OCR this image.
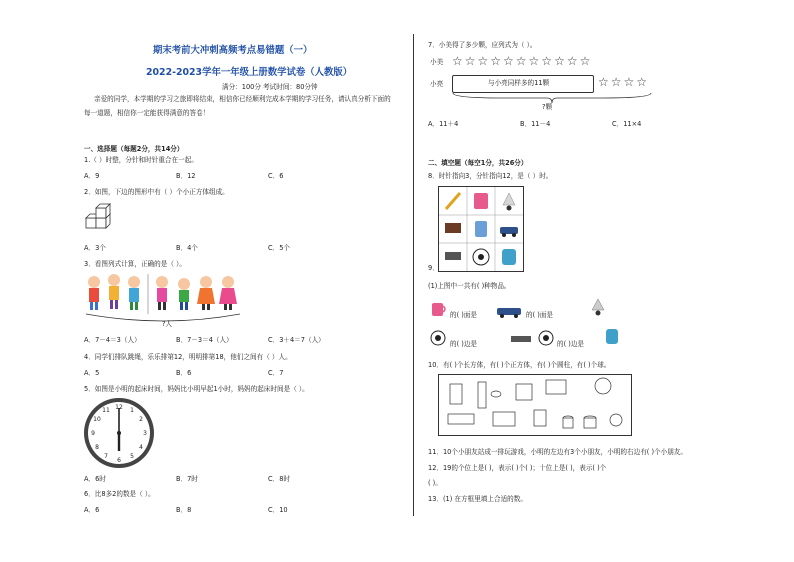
期末考前大冲刺高频考点易错题（一）
2022-2023学年一年级上册数学试卷（人教版）
满分：100分 考试时间：80分钟
亲爱的同学，本学期的学习之旅即将结束，相信你已经顺利完成本学期的学习任务，请认真分析下面的
每一道题，相信你一定能获得满意的答卷！
一、选择题（每题2分，共14分）
1.（ ）时整，分针和时针重合在一起。
A．9	B．12	C．6
2．如图，下边的图形中有（ ）个小正方体组成。
A．3个	B．4个	C．5个
3．看图列式计算，正确的是（ ）。
?人
A．7－4＝3（人）	B．7－3＝4（人）	C．3＋4＝7（人）
4．同学们排队跳绳，乐乐排第12，明明排第18，他们之间有（ ）人。
A．5	B．6	C．7
5．如图是小明的起床时间，妈妈比小明早起1小时，妈妈的起床时间是（ ）。
12 1
2
3
4
5
6
7
8
9
10
11
A．6时	B．7时	C．8时
6．比8多2的数是（ ）。
A．6	B．8	C．10
7．小美得了多少颗，应列式为（ ）。
小美 ☆☆☆☆☆☆☆☆☆☆☆
小亮	与小亮同样多的11颗	☆☆☆☆
?颗
A．11＋4	B．11－4	C．11×4
二、填空题（每空1分，共26分）
8．时针指向3，分针指向12，是（ ）时。
9．
(1)上图中一共有( )种物品。
的( )面是	的( )面是
的( )边是	的( )边是
10．有( )个长方体，有( )个正方体，有( )个圆柱，有( )个球。
11．10个小朋友站成一排玩游戏，小明的左边有3个小朋友，小明的右边有( )个小朋友。
12．19的个位上是( )，表示( )个( )；十位上是( )，表示( )个
( )。
13．(1) 在方框里填上合适的数。
